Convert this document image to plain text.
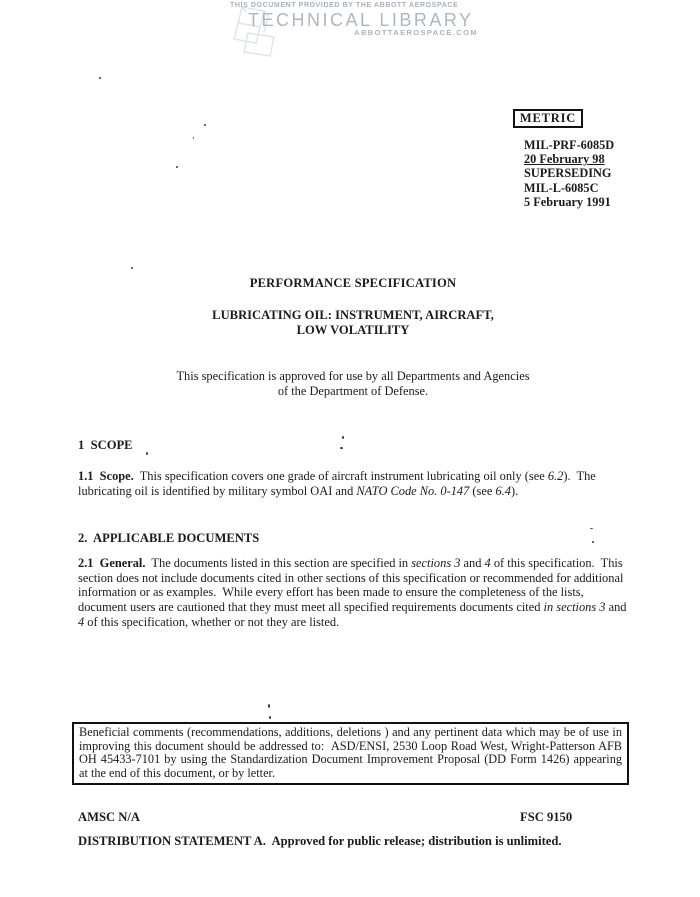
THIS DOCUMENT PROVIDED BY THE ABBOTT AEROSPACE
TECHNICAL LIBRARY
ABBOTTAEROSPACE.COM
METRIC
MIL-PRF-6085D
20 February 98
SUPERSEDING
MIL-L-6085C
5 February 1991
PERFORMANCE SPECIFICATION
LUBRICATING OIL: INSTRUMENT, AIRCRAFT,
LOW VOLATILITY
This specification is approved for use by all Departments and Agencies
of the Department of Defense.
1  SCOPE
1.1  Scope.  This specification covers one grade of aircraft instrument lubricating oil only (see 6.2).  The lubricating oil is identified by military symbol OAI and NATO Code No. 0-147 (see 6.4).
2.  APPLICABLE DOCUMENTS
2.1  General.  The documents listed in this section are specified in sections 3 and 4 of this specification.  This section does not include documents cited in other sections of this specification or recommended for additional information or as examples.  While every effort has been made to ensure the completeness of the lists, document users are cautioned that they must meet all specified requirements documents cited in sections 3 and 4 of this specification, whether or not they are listed.
Beneficial comments (recommendations, additions, deletions ) and any pertinent data which may be of use in improving this document should be addressed to:  ASD/ENSI, 2530 Loop Road West, Wright-Patterson AFB OH 45433-7101 by using the Standardization Document Improvement Proposal (DD Form 1426) appearing at the end of this document, or by letter.
AMSC N/A	FSC 9150
DISTRIBUTION STATEMENT A.  Approved for public release; distribution is unlimited.
